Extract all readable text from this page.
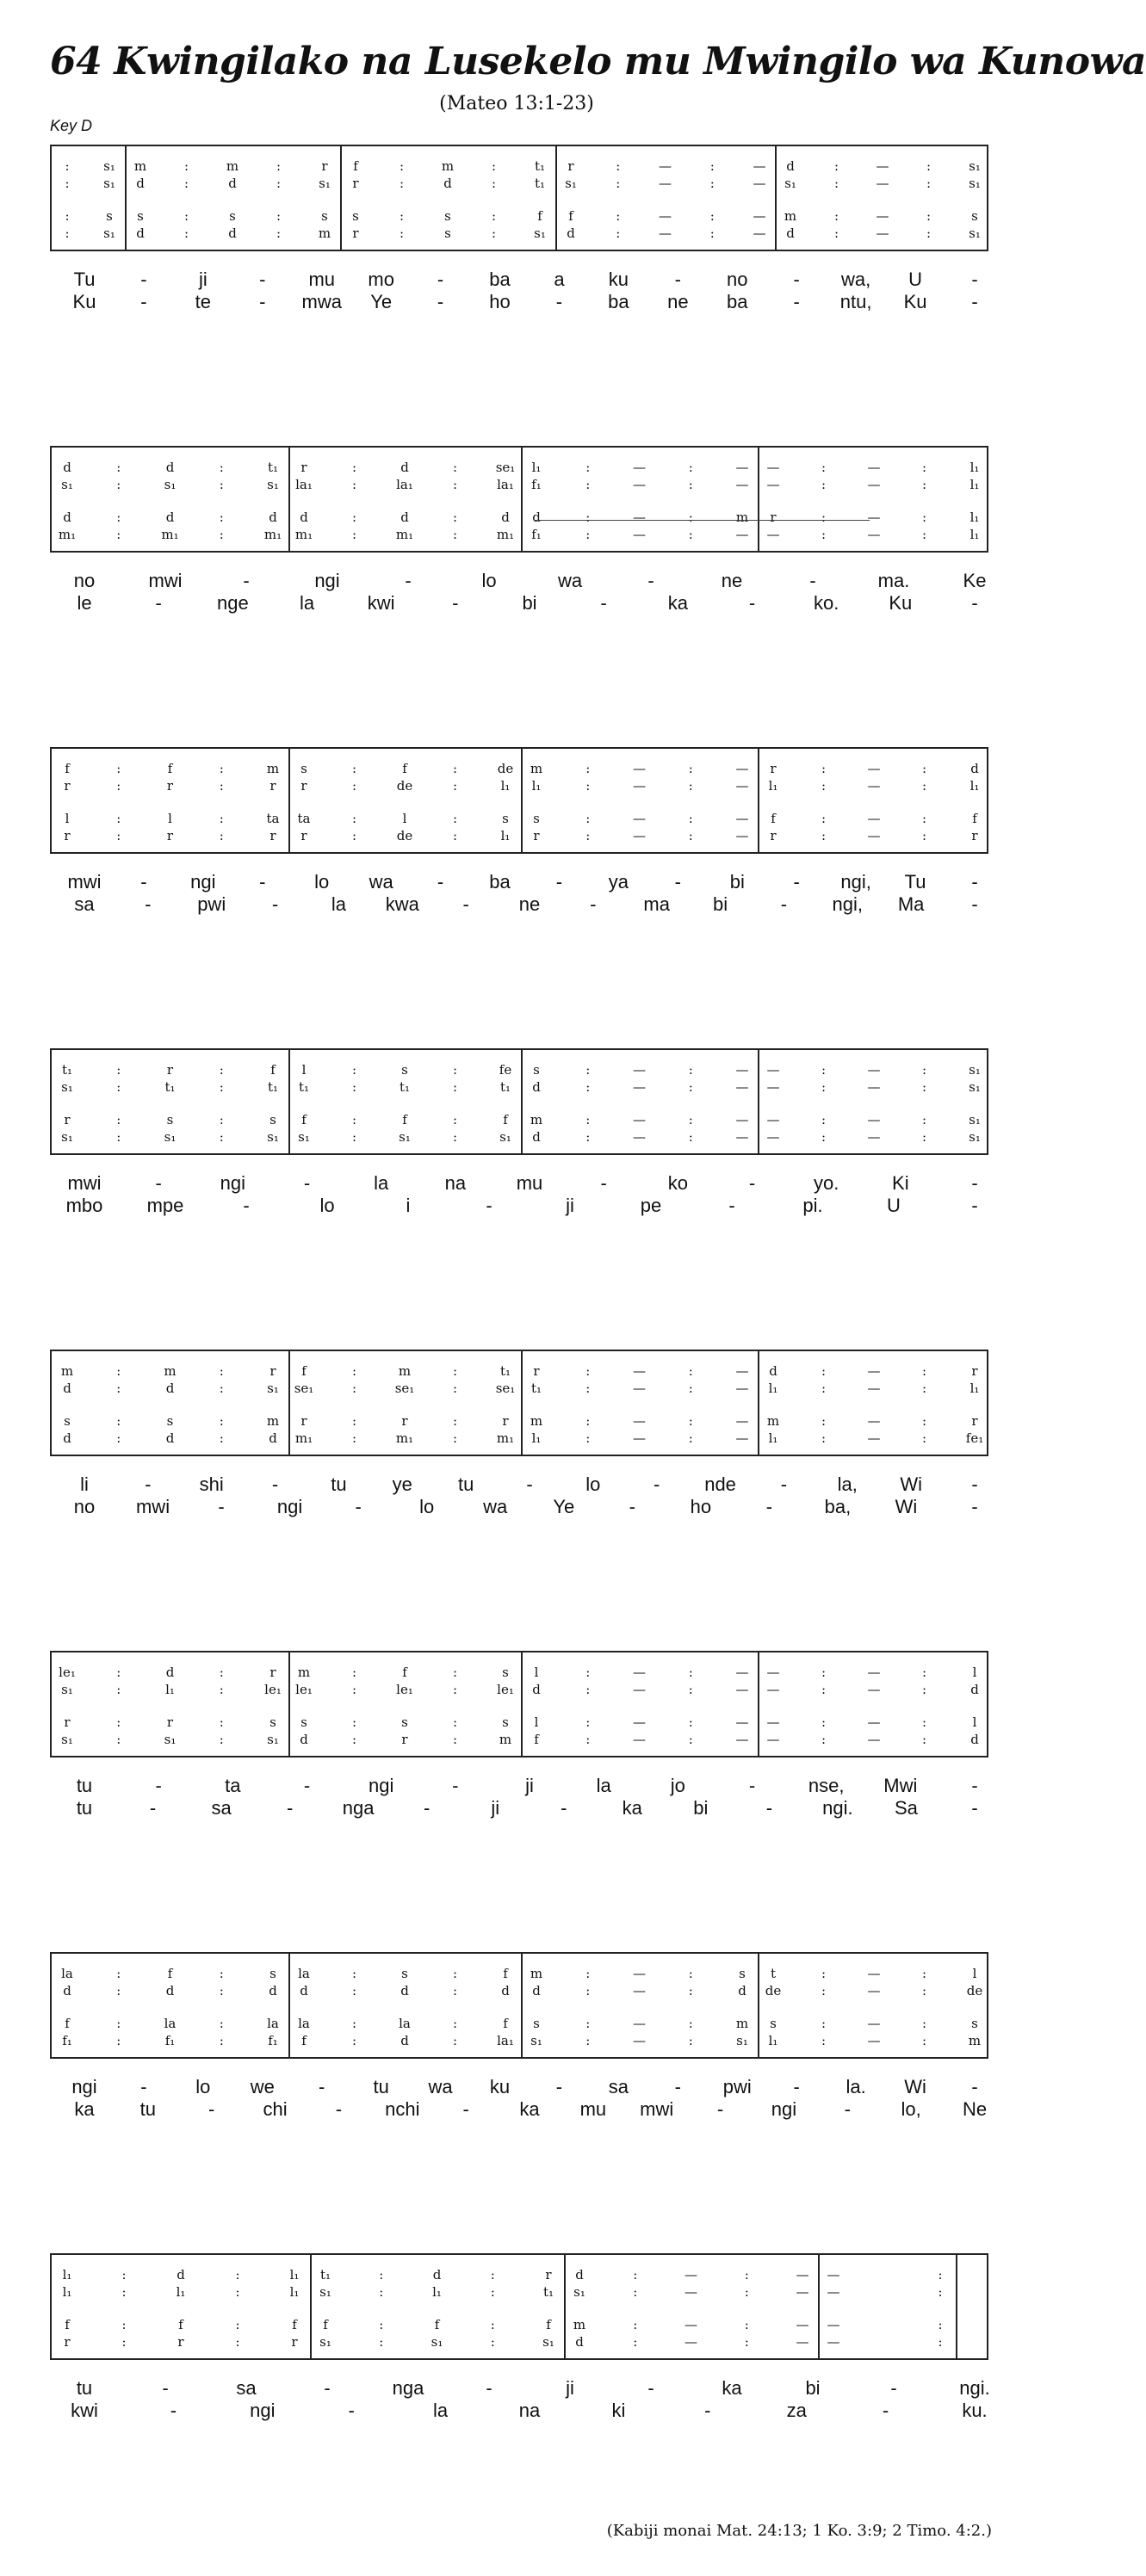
64 Kwingilako na Lusekelo mu Mwingilo wa Kunowa
(Mateo 13:1-23)
Key D
:	s₁ m	:	m	:	r f	:	m	:	t₁ r	:	—	:	— d	:	—	:	s₁
:	s₁ d	:	d	:	s₁ r	:	d	:	t₁ s₁	:	—	:	— s₁	:	—	:	s₁
:	s s	:	s	:	s s	:	s	:	f f	:	—	:	— m	:	—	:	s
:	s₁ d	:	d	:	m r	:	s	:	s₁ d	:	—	:	— d	:	—	:	s₁
Tu -	ji	- mu mo - ba a ku - no - wa, U	-
Ku -	te	- mwa Ye - ho - ba ne ba - ntu, Ku -
d	:	d	:	t₁ r	:	d	:	se₁ l₁	:	—	:	— —	:	—	:	l₁
s₁	:	s₁	:	s₁ la₁	:	la₁	:	la₁ f₁	:	—	:	— —	:	—	:	l₁
d	:	d	:	d d	:	d	:	d d	:	—	:	m r	:	—	:	l₁
m₁	:	m₁	:	m₁ m₁	:	m₁	:	m₁ f₁	:	—	:	— —	:	—	:	l₁
no	mwi	-	ngi	-	lo	wa	-	ne	-	ma.	Ke
le	-	nge	la	kwi	-	bi	-	ka	-	ko.	Ku	-
f	:	f	:	m s	:	f	:	de m	:	—	:	— r	:	—	:	d
r	:	r	:	r r	:	de	:	l₁ l₁	:	—	:	— l₁	:	—	:	l₁
l	:	l	:	ta ta	:	l	:	s s	:	—	:	— f	:	—	:	f
r	:	r	:	r r	:	de	:	l₁ r	:	—	:	— r	:	—	:	r
mwi - ngi -	lo wa - ba - ya -	bi	- ngi, Tu -
sa	- pwi -	la kwa -	ne	- ma bi	- ngi, Ma -
t₁	:	r	:	f l	:	s	:	fe s	:	—	:	— —	:	—	:	s₁
s₁	:	t₁	:	t₁ t₁	:	t₁	:	t₁ d	:	—	:	— —	:	—	:	s₁
r	:	s	:	s f	:	f	:	f m	:	—	:	— —	:	—	:	s₁
s₁	:	s₁	:	s₁ s₁	:	s₁	:	s₁ d	:	—	:	— —	:	—	:	s₁
mwi	-	ngi	-	la	na	mu	-	ko	-	yo.	Ki	-
mbo mpe	-	lo	i	-	ji	pe	-	pi.	U	-
m	:	m	:	r f	:	m	:	t₁ r	:	—	:	— d	:	—	:	r
d	:	d	:	s₁ se₁	:	se₁	:	se₁ t₁	:	—	:	— l₁	:	—	:	l₁
s	:	s	:	m r	:	r	:	r m	:	—	:	— m	:	—	:	r
d	:	d	:	d m₁	:	m₁	:	m₁ l₁	:	—	:	— l₁	:	—	:	fe₁
li	-	shi	-	tu ye tu	-	lo	- nde -	la, Wi	-
no mwi	-	ngi	-	lo	wa Ye	-	ho	-	ba, Wi	-
le₁	:	d	:	r m	:	f	:	s l	:	—	:	— —	:	—	:	l
s₁	:	l₁	:	le₁ le₁	:	le₁	:	le₁ d	:	—	:	— —	:	—	:	d
r	:	r	:	s s	:	s	:	s l	:	—	:	— —	:	—	:	l
s₁	:	s₁	:	s₁ d	:	r	:	m f	:	—	:	— —	:	—	:	d
tu	-	ta	-	ngi	-	ji	la	jo	-	nse, Mwi	-
tu	-	sa	-	nga	-	ji	-	ka	bi	-	ngi. Sa	-
la	:	f	:	s la	:	s	:	f m	:	—	:	s t	:	—	:	l
d	:	d	:	d d	:	d	:	d d	:	—	:	d de	:	—	:	de
f	:	la	:	la la	:	la	:	f s	:	—	:	m s	:	—	:	s
f₁	:	f₁	:	f₁ f	:	d	:	la₁ s₁	:	—	:	s₁ l₁	:	—	:	m
ngi -	lo we -	tu wa ku - sa - pwi - la. Wi -
ka tu	-	chi	- nchi -	ka mu mwi -	ngi	-	lo, Ne
l₁	:	d	:	l₁ t₁	:	d	:	r d	:	—	:	— —	:
l₁	:	l₁	:	l₁ s₁	:	l₁	:	t₁ s₁	:	—	:	— —	:
f	:	f	:	f f	:	f	:	f m	:	—	:	— —	:
r	:	r	:	r s₁	:	s₁	:	s₁ d	:	—	:	— —	:
tu	-	sa	-	nga	-	ji	-	ka	bi	-	ngi.
kwi	-	ngi	-	la	na	ki	-	za	-	ku.
(Kabiji monai Mat. 24:13; 1 Ko. 3:9; 2 Timo. 4:2.)
